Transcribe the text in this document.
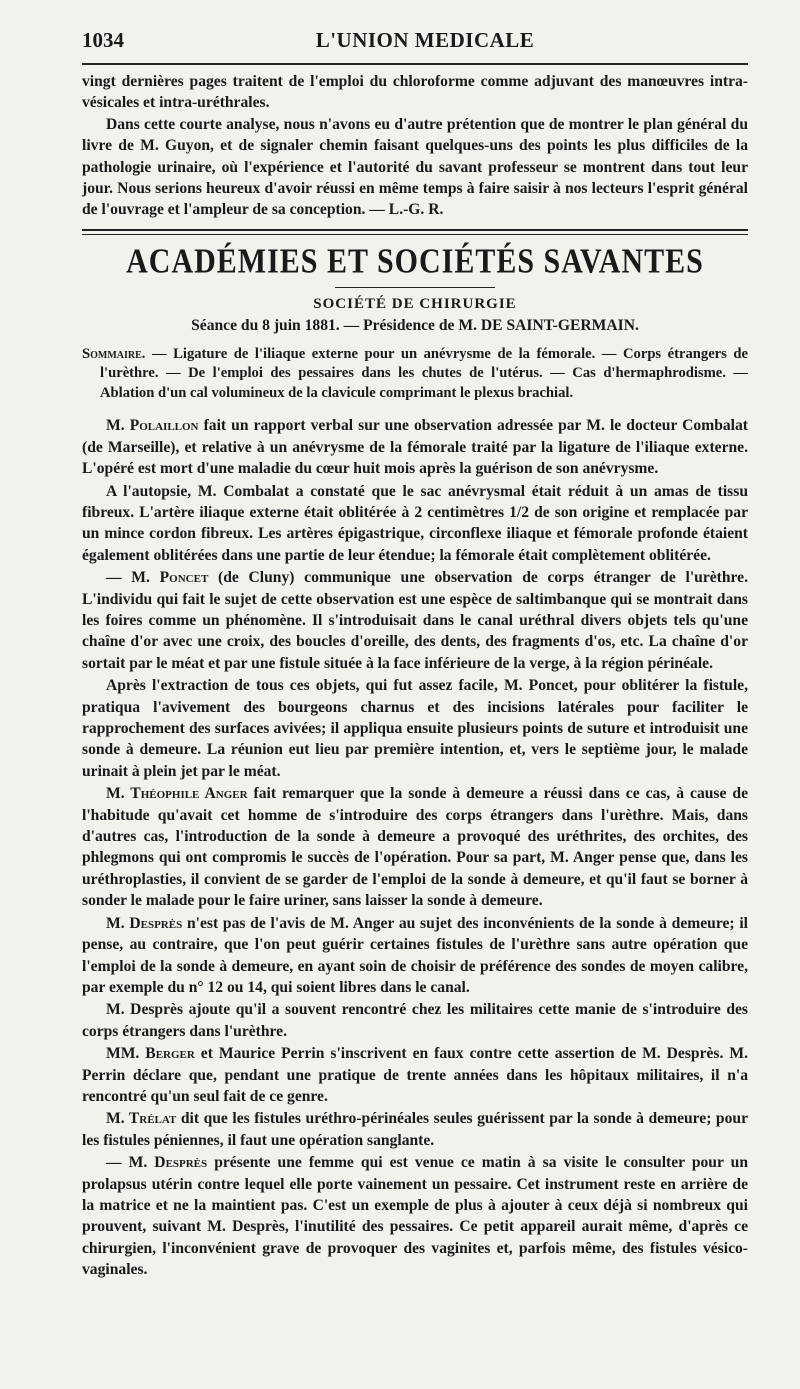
1034	L'UNION MEDICALE

vingt dernières pages traitent de l'emploi du chloroforme comme adjuvant des manœuvres intra-vésicales et intra-uréthrales.

Dans cette courte analyse, nous n'avons eu d'autre prétention que de montrer le plan général du livre de M. Guyon, et de signaler chemin faisant quelques-uns des points les plus difficiles de la pathologie urinaire, où l'expérience et l'autorité du savant professeur se montrent dans tout leur jour. Nous serions heureux d'avoir réussi en même temps à faire saisir à nos lecteurs l'esprit général de l'ouvrage et l'ampleur de sa conception. — L.-G. R.

ACADÉMIES ET SOCIÉTÉS SAVANTES
SOCIÉTÉ DE CHIRURGIE
Séance du 8 juin 1881. — Présidence de M. DE SAINT-GERMAIN.

Sommaire. — Ligature de l'iliaque externe pour un anévrysme de la fémorale. — Corps étrangers de l'urèthre. — De l'emploi des pessaires dans les chutes de l'utérus. — Cas d'hermaphrodisme. — Ablation d'un cal volumineux de la clavicule comprimant le plexus brachial.

M. Polaillon fait un rapport verbal sur une observation adressée par M. le docteur Combalat (de Marseille), et relative à un anévrysme de la fémorale traité par la ligature de l'iliaque externe. L'opéré est mort d'une maladie du cœur huit mois après la guérison de son anévrysme.

A l'autopsie, M. Combalat a constaté que le sac anévrysmal était réduit à un amas de tissu fibreux. L'artère iliaque externe était oblitérée à 2 centimètres 1/2 de son origine et remplacée par un mince cordon fibreux. Les artères épigastrique, circonflexe iliaque et fémorale profonde étaient également oblitérées dans une partie de leur étendue; la fémorale était complètement oblitérée.

— M. Poncet (de Cluny) communique une observation de corps étranger de l'urèthre. L'individu qui fait le sujet de cette observation est une espèce de saltimbanque qui se montrait dans les foires comme un phénomène. Il s'introduisait dans le canal uréthral divers objets tels qu'une chaîne d'or avec une croix, des boucles d'oreille, des dents, des fragments d'os, etc. La chaîne d'or sortait par le méat et par une fistule située à la face inférieure de la verge, à la région périnéale.

Après l'extraction de tous ces objets, qui fut assez facile, M. Poncet, pour oblitérer la fistule, pratiqua l'avivement des bourgeons charnus et des incisions latérales pour faciliter le rapprochement des surfaces avivées; il appliqua ensuite plusieurs points de suture et introduisit une sonde à demeure. La réunion eut lieu par première intention, et, vers le septième jour, le malade urinait à plein jet par le méat.

M. Théophile Anger fait remarquer que la sonde à demeure a réussi dans ce cas, à cause de l'habitude qu'avait cet homme de s'introduire des corps étrangers dans l'urèthre. Mais, dans d'autres cas, l'introduction de la sonde à demeure a provoqué des uréthrites, des orchites, des phlegmons qui ont compromis le succès de l'opération. Pour sa part, M. Anger pense que, dans les uréthroplasties, il convient de se garder de l'emploi de la sonde à demeure, et qu'il faut se borner à sonder le malade pour le faire uriner, sans laisser la sonde à demeure.

M. Desprès n'est pas de l'avis de M. Anger au sujet des inconvénients de la sonde à demeure; il pense, au contraire, que l'on peut guérir certaines fistules de l'urèthre sans autre opération que l'emploi de la sonde à demeure, en ayant soin de choisir de préférence des sondes de moyen calibre, par exemple du n° 12 ou 14, qui soient libres dans le canal.

M. Desprès ajoute qu'il a souvent rencontré chez les militaires cette manie de s'introduire des corps étrangers dans l'urèthre.

MM. Berger et Maurice Perrin s'inscrivent en faux contre cette assertion de M. Desprès. M. Perrin déclare que, pendant une pratique de trente années dans les hôpitaux militaires, il n'a rencontré qu'un seul fait de ce genre.

M. Trélat dit que les fistules uréthro-périnéales seules guérissent par la sonde à demeure; pour les fistules péniennes, il faut une opération sanglante.

— M. Desprès présente une femme qui est venue ce matin à sa visite le consulter pour un prolapsus utérin contre lequel elle porte vainement un pessaire. Cet instrument reste en arrière de la matrice et ne la maintient pas. C'est un exemple de plus à ajouter à ceux déjà si nombreux qui prouvent, suivant M. Desprès, l'inutilité des pessaires. Ce petit appareil aurait même, d'après ce chirurgien, l'inconvénient grave de provoquer des vaginites et, parfois même, des fistules vésico-vaginales.
